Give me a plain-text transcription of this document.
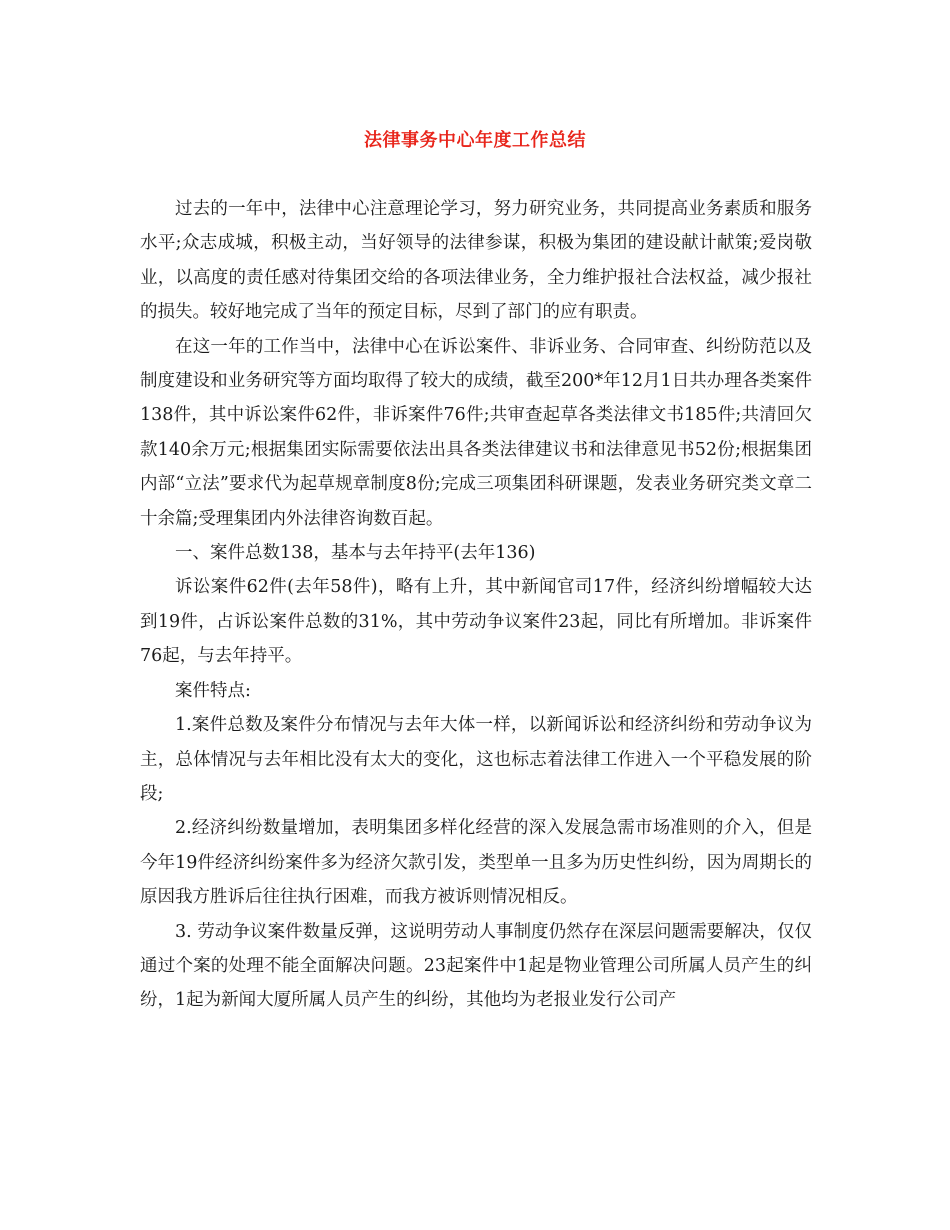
法律事务中心年度工作总结

过去的一年中，法律中心注意理论学习，努力研究业务，共同提高业务素质和服务水平;众志成城，积极主动，当好领导的法律参谋，积极为集团的建设献计献策;爱岗敬业，以高度的责任感对待集团交给的各项法律业务，全力维护报社合法权益，减少报社的损失。较好地完成了当年的预定目标，尽到了部门的应有职责。

在这一年的工作当中，法律中心在诉讼案件、非诉业务、合同审查、纠纷防范以及制度建设和业务研究等方面均取得了较大的成绩，截至200*年12月1日共办理各类案件138件，其中诉讼案件62件，非诉案件76件;共审查起草各类法律文书185件;共清回欠款140余万元;根据集团实际需要依法出具各类法律建议书和法律意见书52份;根据集团内部“立法”要求代为起草规章制度8份;完成三项集团科研课题，发表业务研究类文章二十余篇;受理集团内外法律咨询数百起。

一、案件总数138，基本与去年持平(去年136)

诉讼案件62件(去年58件)，略有上升，其中新闻官司17件，经济纠纷增幅较大达到19件，占诉讼案件总数的31%，其中劳动争议案件23起，同比有所增加。非诉案件76起，与去年持平。

案件特点:

1.案件总数及案件分布情况与去年大体一样，以新闻诉讼和经济纠纷和劳动争议为主，总体情况与去年相比没有太大的变化，这也标志着法律工作进入一个平稳发展的阶段;

2.经济纠纷数量增加，表明集团多样化经营的深入发展急需市场准则的介入，但是今年19件经济纠纷案件多为经济欠款引发，类型单一且多为历史性纠纷，因为周期长的原因我方胜诉后往往执行困难，而我方被诉则情况相反。

3. 劳动争议案件数量反弹，这说明劳动人事制度仍然存在深层问题需要解决，仅仅通过个案的处理不能全面解决问题。23起案件中1起是物业管理公司所属人员产生的纠纷，1起为新闻大厦所属人员产生的纠纷，其他均为老报业发行公司产
